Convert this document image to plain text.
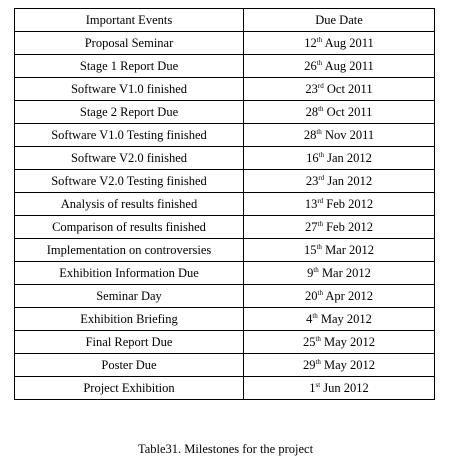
Important Events	Due Date
Proposal Seminar	12th Aug 2011
Stage 1 Report Due	26th Aug 2011
Software V1.0 finished	23rd Oct 2011
Stage 2 Report Due	28th Oct 2011
Software V1.0 Testing finished	28th Nov 2011
Software V2.0 finished	16th Jan 2012
Software V2.0 Testing finished	23rd Jan 2012
Analysis of results finished	13rd Feb 2012
Comparison of results finished	27th Feb 2012
Implementation on controversies	15th Mar 2012
Exhibition Information Due	9th Mar 2012
Seminar Day	20th Apr 2012
Exhibition Briefing	4th May 2012
Final Report Due	25th May 2012
Poster Due	29th May 2012
Project Exhibition	1st Jun 2012
Table31. Milestones for the project
